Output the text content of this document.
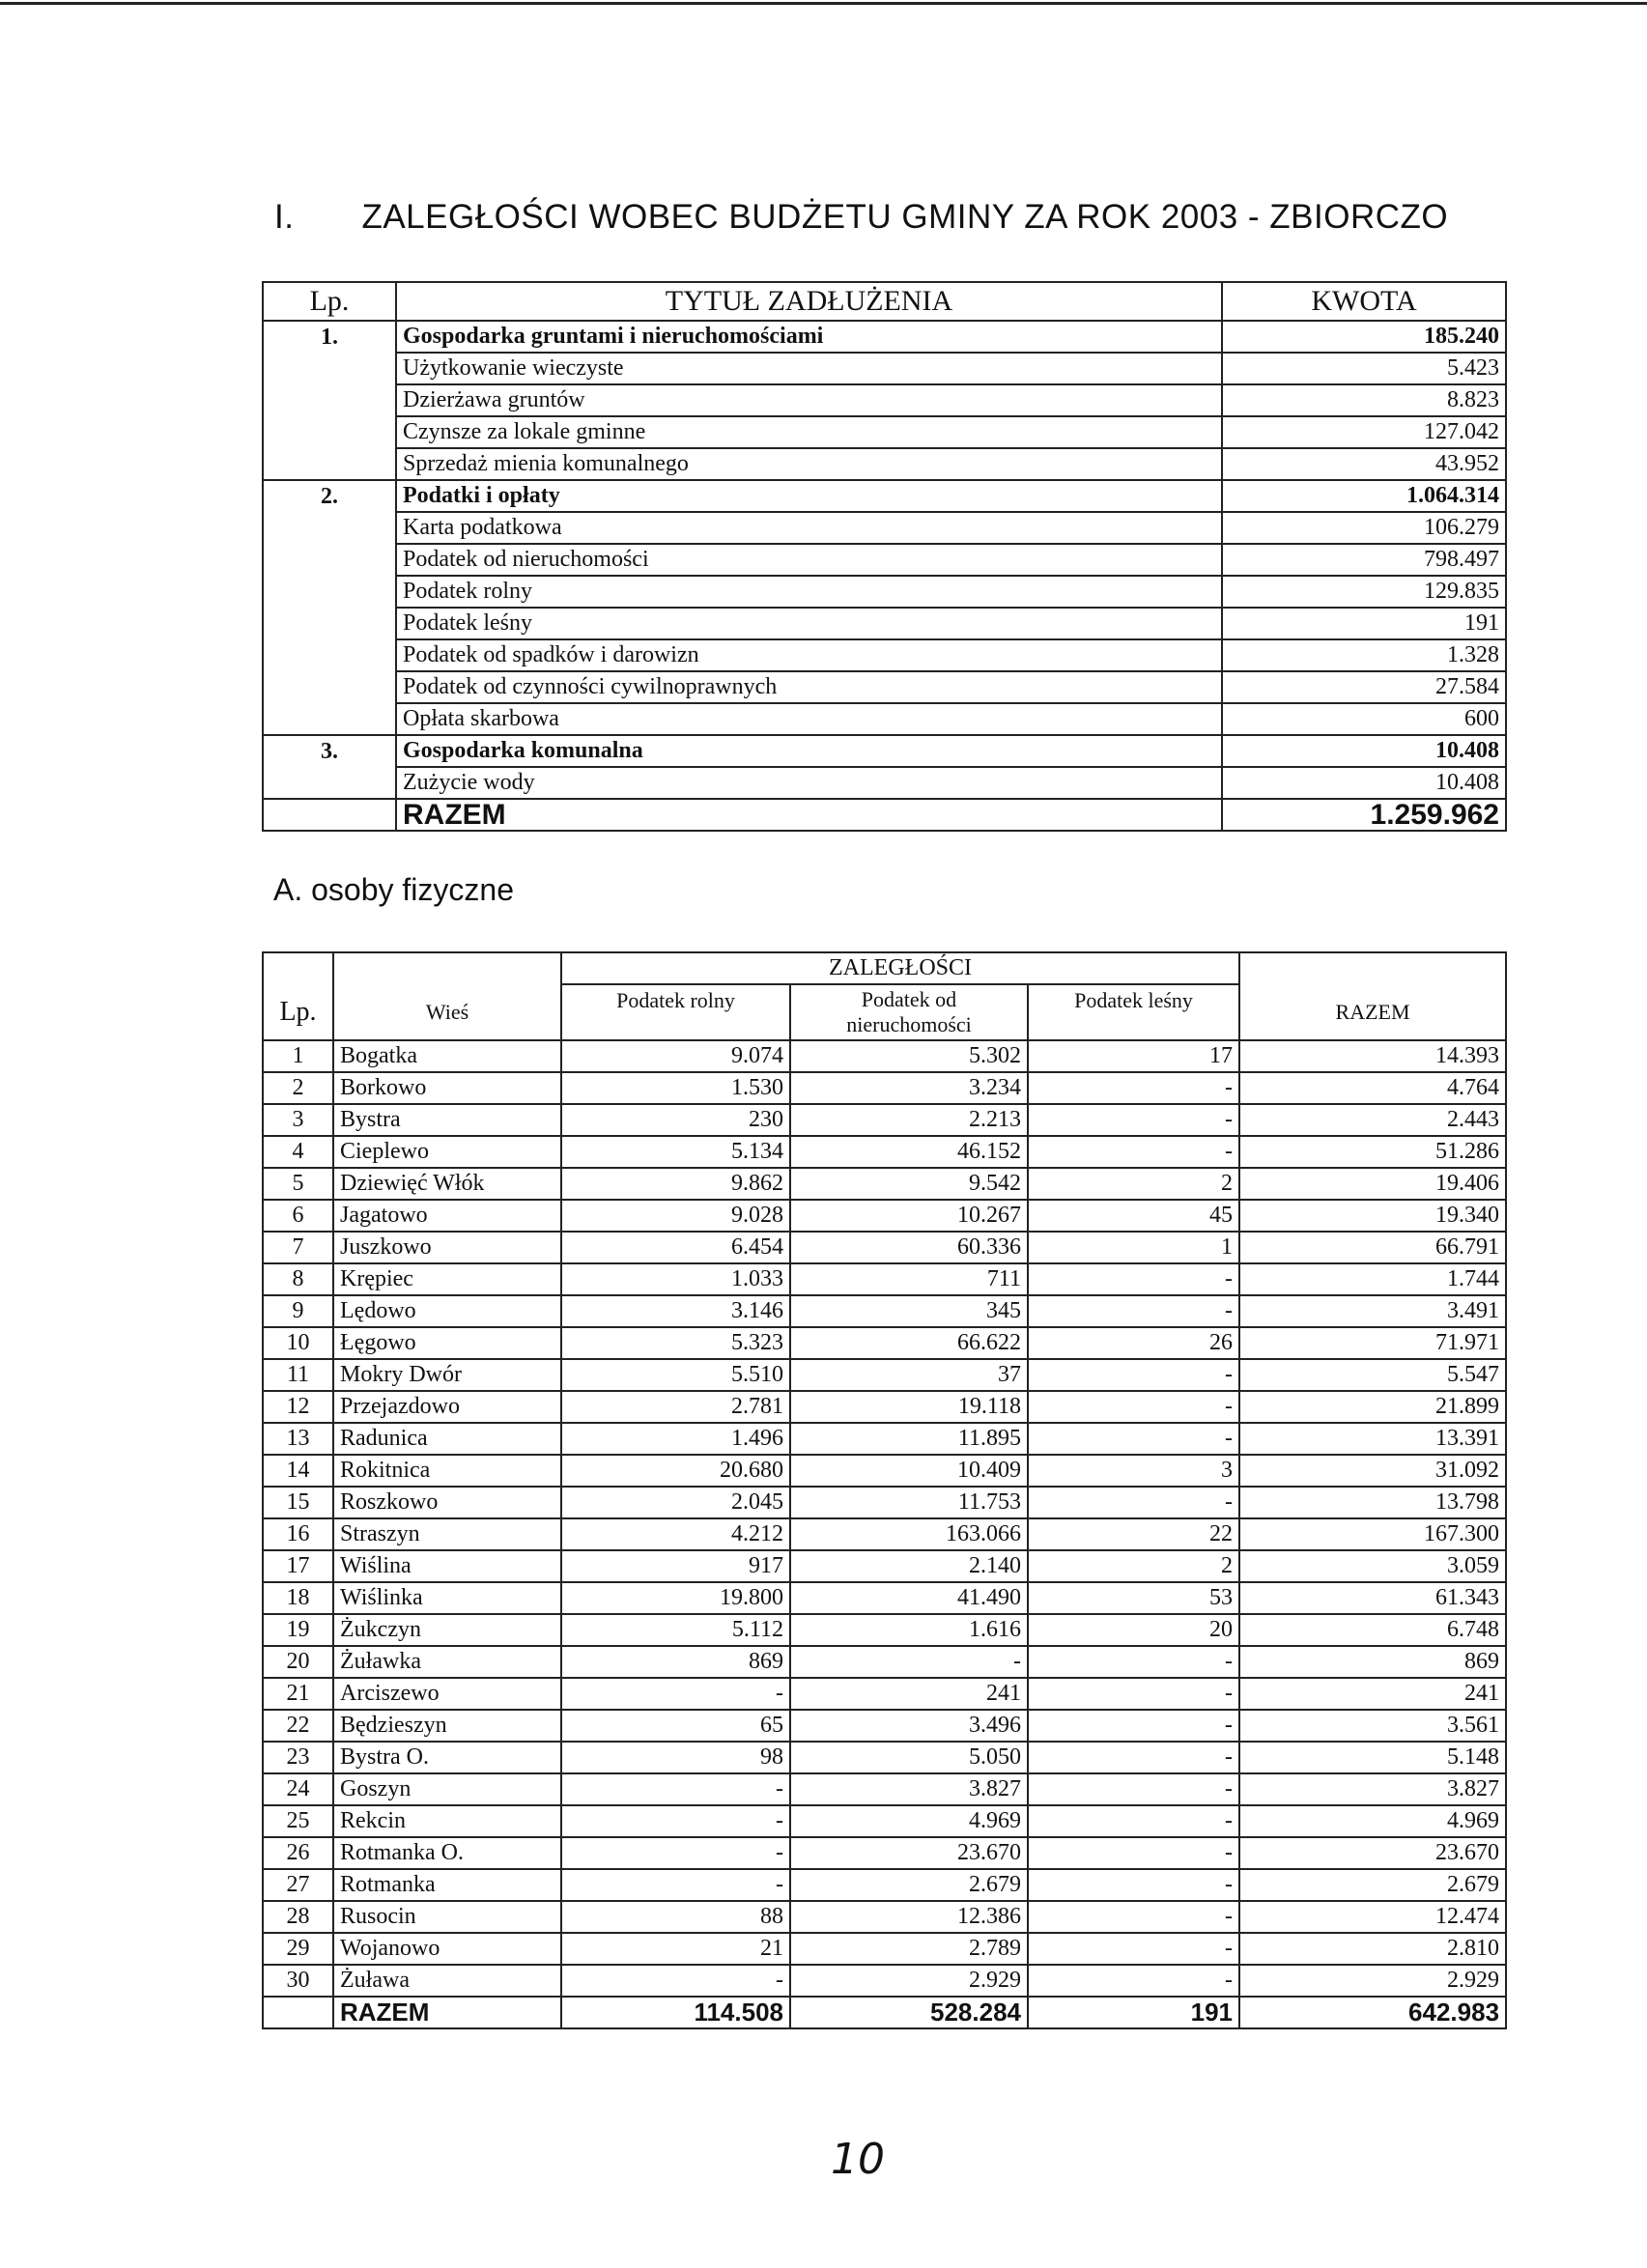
I. ZALEGŁOŚCI WOBEC BUDŻETU GMINY ZA ROK 2003 - ZBIORCZO
Lp.	TYTUŁ ZADŁUŻENIA	KWOTA
1.	Gospodarka gruntami i nieruchomościami	185.240
	Użytkowanie wieczyste	5.423
	Dzierżawa gruntów	8.823
	Czynsze za lokale gminne	127.042
	Sprzedaż mienia komunalnego	43.952
2.	Podatki i opłaty	1.064.314
	Karta podatkowa	106.279
	Podatek od nieruchomości	798.497
	Podatek rolny	129.835
	Podatek leśny	191
	Podatek od spadków i darowizn	1.328
	Podatek od czynności cywilnoprawnych	27.584
	Opłata skarbowa	600
3.	Gospodarka komunalna	10.408
	Zużycie wody	10.408
	RAZEM	1.259.962
A. osoby fizyczne
		ZALEGŁOŚCI			
Lp.	Wieś	Podatek rolny	Podatek od nieruchomości	Podatek leśny	RAZEM
1	Bogatka	9.074	5.302	17	14.393
2	Borkowo	1.530	3.234	-	4.764
3	Bystra	230	2.213	-	2.443
4	Cieplewo	5.134	46.152	-	51.286
5	Dziewięć Włók	9.862	9.542	2	19.406
6	Jagatowo	9.028	10.267	45	19.340
7	Juszkowo	6.454	60.336	1	66.791
8	Krępiec	1.033	711	-	1.744
9	Lędowo	3.146	345	-	3.491
10	Łęgowo	5.323	66.622	26	71.971
11	Mokry Dwór	5.510	37	-	5.547
12	Przejazdowo	2.781	19.118	-	21.899
13	Radunica	1.496	11.895	-	13.391
14	Rokitnica	20.680	10.409	3	31.092
15	Roszkowo	2.045	11.753	-	13.798
16	Straszyn	4.212	163.066	22	167.300
17	Wiślina	917	2.140	2	3.059
18	Wiślinka	19.800	41.490	53	61.343
19	Żukczyn	5.112	1.616	20	6.748
20	Żuławka	869	-	-	869
21	Arciszewo	-	241	-	241
22	Będzieszyn	65	3.496	-	3.561
23	Bystra O.	98	5.050	-	5.148
24	Goszyn	-	3.827	-	3.827
25	Rekcin	-	4.969	-	4.969
26	Rotmanka O.	-	23.670	-	23.670
27	Rotmanka	-	2.679	-	2.679
28	Rusocin	88	12.386	-	12.474
29	Wojanowo	21	2.789	-	2.810
30	Żuława	-	2.929	-	2.929
	RAZEM	114.508	528.284	191	642.983
10
